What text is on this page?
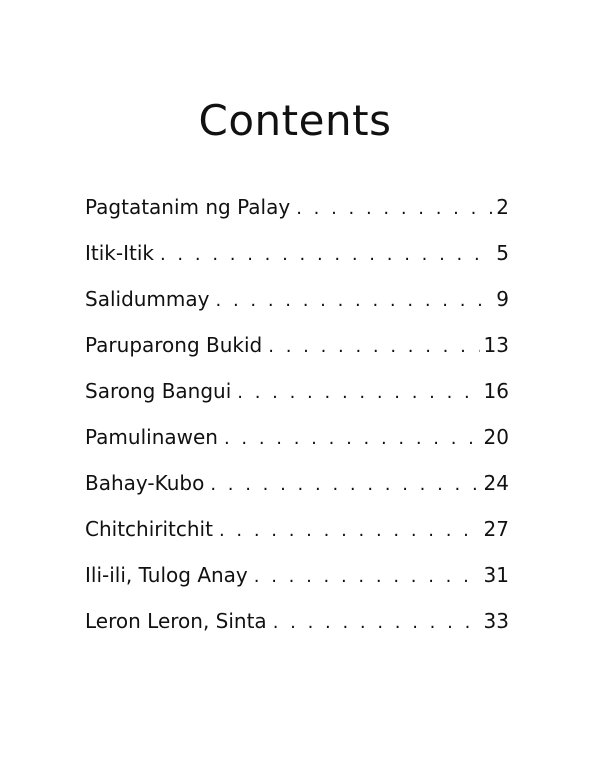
Contents
Pagtatanim ng Palay . . .	2
Itik-Itik . . .	5
Salidummay . . .	9
Paruparong Bukid . . .	13
Sarong Bangui . . .	16
Pamulinawen . . .	20
Bahay-Kubo . . .	24
Chitchiritchit . . .	27
Ili-ili, Tulog Anay . . .	31
Leron Leron, Sinta . . .	33
